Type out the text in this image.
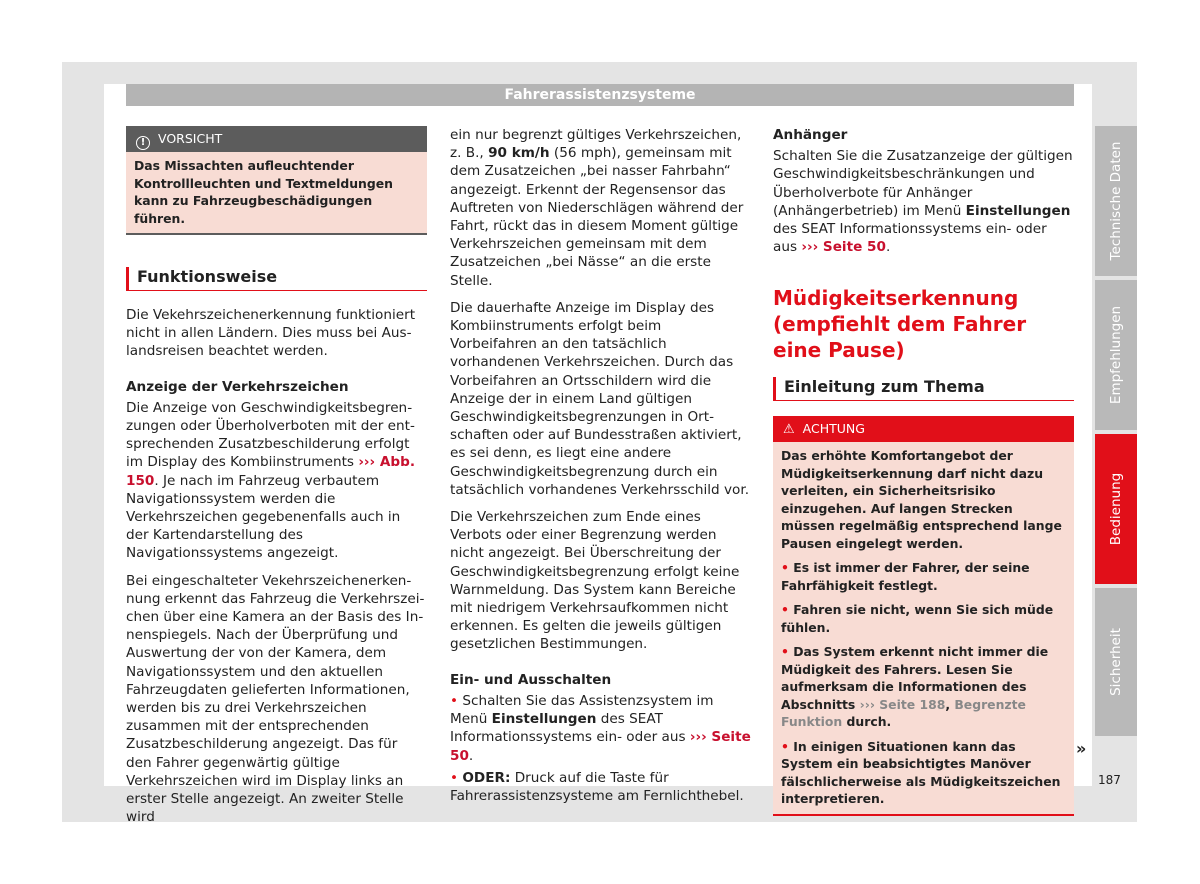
Fahrerassistenzsysteme
! VORSICHT
Das Missachten aufleuchtender Kontrollleuchten und Textmeldungen kann zu Fahrzeugbeschädigungen führen.
Funktionsweise

Die Vekehrszeichenerkennung funktioniert nicht in allen Ländern. Dies muss bei Auslandsreisen beachtet werden.

Anzeige der Verkehrszeichen

Die Anzeige von Geschwindigkeitsbegrenzungen oder Überholverboten mit der entsprechenden Zusatzbeschilderung erfolgt im Display des Kombiinstruments ››› Abb. 150. Je nach im Fahrzeug verbautem Navigationssystem werden die Verkehrszeichen gegebenenfalls auch in der Kartendarstellung des Navigationssystems angezeigt.

Bei eingeschalteter Vekehrszeichenerkennung erkennt das Fahrzeug die Verkehrszeichen über eine Kamera an der Basis des Innenspiegels. Nach der Überprüfung und Auswertung der von der Kamera, dem Navigationssystem und den aktuellen Fahrzeugdaten gelieferten Informationen, werden bis zu drei Verkehrszeichen zusammen mit der entsprechenden Zusatzbeschilderung angezeigt. Das für den Fahrer gegenwärtig gültige Verkehrszeichen wird im Display links an erster Stelle angezeigt. An zweiter Stelle wird

ein nur begrenzt gültiges Verkehrszeichen, z. B., 90 km/h (56 mph), gemeinsam mit dem Zusatzeichen „bei nasser Fahrbahn“ angezeigt. Erkennt der Regensensor das Auftreten von Niederschlägen während der Fahrt, rückt das in diesem Moment gültige Verkehrszeichen gemeinsam mit dem Zusatzeichen „bei Nässe“ an die erste Stelle.

Die dauerhafte Anzeige im Display des Kombiinstruments erfolgt beim Vorbeifahren an den tatsächlich vorhandenen Verkehrszeichen. Durch das Vorbeifahren an Ortsschildern wird die Anzeige der in einem Land gültigen Geschwindigkeitsbegrenzungen in Ortschaften oder auf Bundesstraßen aktiviert, es sei denn, es liegt eine andere Geschwindigkeitsbegrenzung durch ein tatsächlich vorhandenes Verkehrsschild vor.

Die Verkehrszeichen zum Ende eines Verbots oder einer Begrenzung werden nicht angezeigt. Bei Überschreitung der Geschwindigkeitsbegrenzung erfolgt keine Warnmeldung. Das System kann Bereiche mit niedrigem Verkehrsaufkommen nicht erkennen. Es gelten die jeweils gültigen gesetzlichen Bestimmungen.

Ein- und Ausschalten

• Schalten Sie das Assistenzsystem im Menü Einstellungen des SEAT Informationssystems ein- oder aus ››› Seite 50.

• ODER: Druck auf die Taste für Fahrerassistenzsysteme am Fernlichthebel.

Anhänger

Schalten Sie die Zusatzanzeige der gültigen Geschwindigkeitsbeschränkungen und Überholverbote für Anhänger (Anhängerbetrieb) im Menü Einstellungen des SEAT Informationssystems ein- oder aus ››› Seite 50.

Müdigkeitserkennung (empfiehlt dem Fahrer eine Pause)
Einleitung zum Thema
⚠ ACHTUNG

Das erhöhte Komfortangebot der Müdigkeitserkennung darf nicht dazu verleiten, ein Sicherheitsrisiko einzugehen. Auf langen Strecken müssen regelmäßig entsprechend lange Pausen eingelegt werden.

• Es ist immer der Fahrer, der seine Fahrfähigkeit festlegt.

• Fahren sie nicht, wenn Sie sich müde fühlen.

• Das System erkennt nicht immer die Müdigkeit des Fahrers. Lesen Sie aufmerksam die Informationen des Abschnitts ››› Seite 188, Begrenzte Funktion durch.

• In einigen Situationen kann das System ein beabsichtigtes Manöver fälschlicherweise als Müdigkeitszeichen interpretieren.

»
Technische Daten
Empfehlungen
Bedienung
Sicherheit
187
